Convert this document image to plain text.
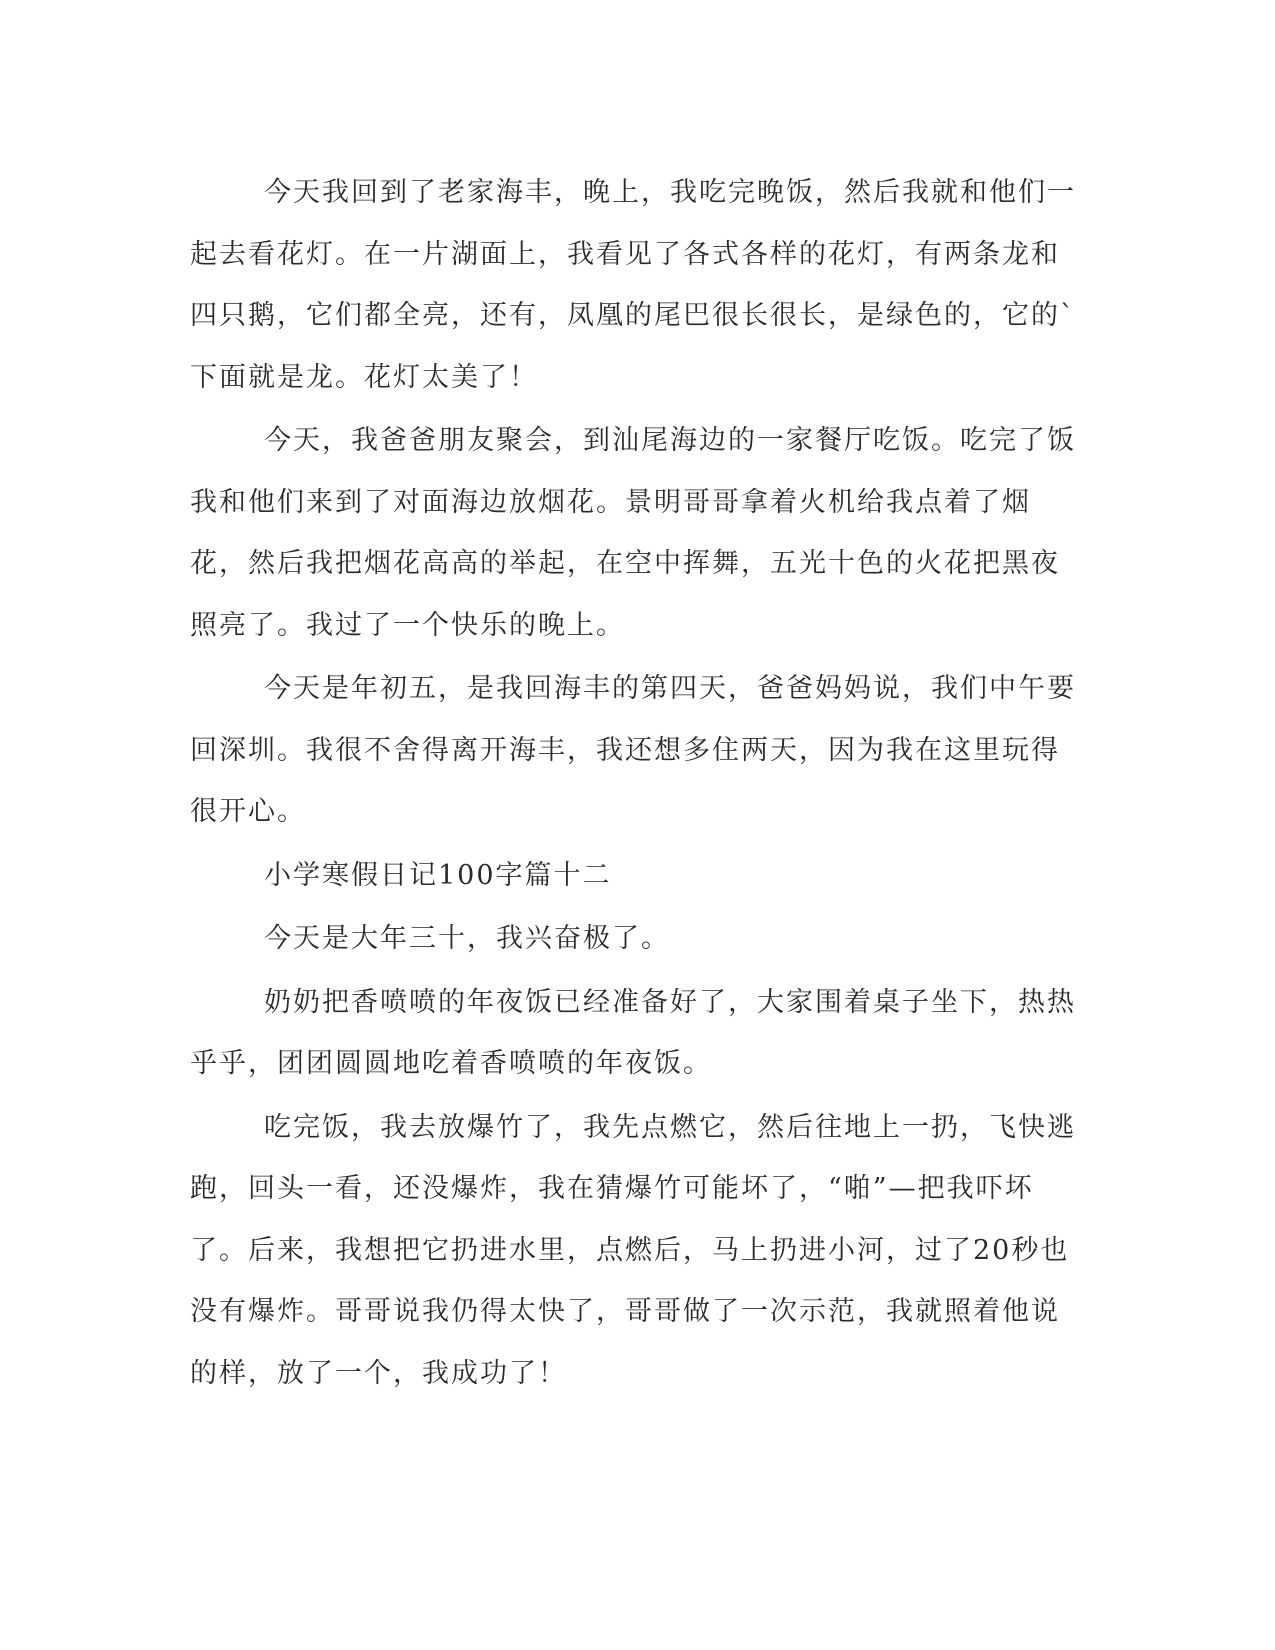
今天我回到了老家海丰，晚上，我吃完晚饭，然后我就和他们一起去看花灯。在一片湖面上，我看见了各式各样的花灯，有两条龙和四只鹅，它们都全亮，还有，凤凰的尾巴很长很长，是绿色的，它的`下面就是龙。花灯太美了！

今天，我爸爸朋友聚会，到汕尾海边的一家餐厅吃饭。吃完了饭我和他们来到了对面海边放烟花。景明哥哥拿着火机给我点着了烟花，然后我把烟花高高的举起，在空中挥舞，五光十色的火花把黑夜照亮了。我过了一个快乐的晚上。

今天是年初五，是我回海丰的第四天，爸爸妈妈说，我们中午要回深圳。我很不舍得离开海丰，我还想多住两天，因为我在这里玩得很开心。

小学寒假日记100字篇十二

今天是大年三十，我兴奋极了。

奶奶把香喷喷的年夜饭已经准备好了，大家围着桌子坐下，热热乎乎，团团圆圆地吃着香喷喷的年夜饭。

吃完饭，我去放爆竹了，我先点燃它，然后往地上一扔，飞快逃跑，回头一看，还没爆炸，我在猜爆竹可能坏了，“啪”—把我吓坏了。后来，我想把它扔进水里，点燃后，马上扔进小河，过了20秒也没有爆炸。哥哥说我仍得太快了，哥哥做了一次示范，我就照着他说的样，放了一个，我成功了！
